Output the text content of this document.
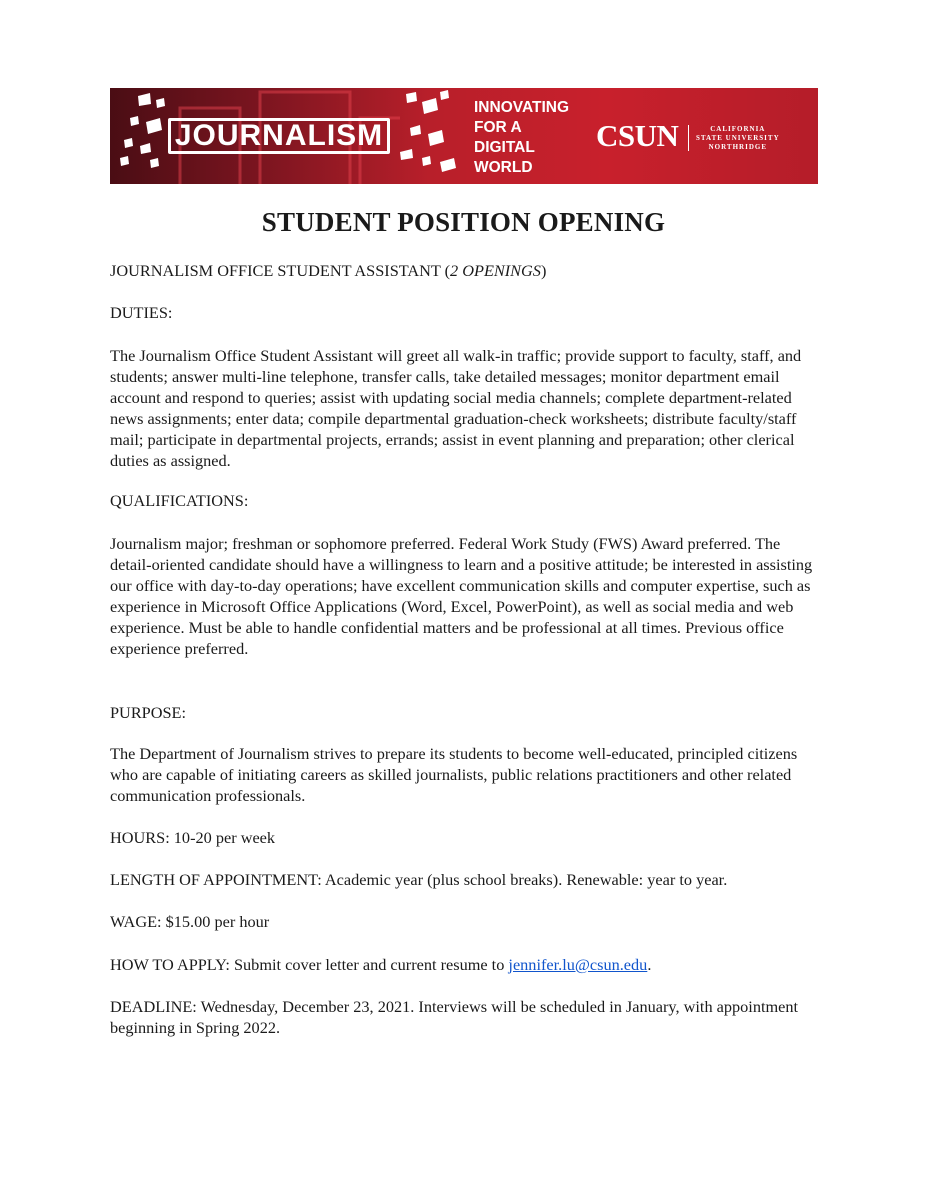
JOURNALISM
INNOVATING
FOR A
DIGITAL
WORLD
CSUN	CALIFORNIA
STATE UNIVERSITY
NORTHRIDGE
STUDENT POSITION OPENING

JOURNALISM OFFICE STUDENT ASSISTANT (2 OPENINGS)

DUTIES:

The Journalism Office Student Assistant will greet all walk-in traffic; provide support to faculty, staff, and students; answer multi-line telephone, transfer calls, take detailed messages; monitor department email account and respond to queries; assist with updating social media channels; complete department-related news assignments; enter data; compile departmental graduation-check worksheets; distribute faculty/staff mail; participate in departmental projects, errands; assist in event planning and preparation; other clerical duties as assigned.

QUALIFICATIONS:

Journalism major; freshman or sophomore preferred. Federal Work Study (FWS) Award preferred. The detail-oriented candidate should have a willingness to learn and a positive attitude; be interested in assisting our office with day-to-day operations; have excellent communication skills and computer expertise, such as experience in Microsoft Office Applications (Word, Excel, PowerPoint), as well as social media and web experience. Must be able to handle confidential matters and be professional at all times. Previous office experience preferred.

PURPOSE:

The Department of Journalism strives to prepare its students to become well-educated, principled citizens who are capable of initiating careers as skilled journalists, public relations practitioners and other related communication professionals.

HOURS: 10-20 per week

LENGTH OF APPOINTMENT: Academic year (plus school breaks). Renewable: year to year.

WAGE: $15.00 per hour

HOW TO APPLY: Submit cover letter and current resume to jennifer.lu@csun.edu.

DEADLINE: Wednesday, December 23, 2021. Interviews will be scheduled in January, with appointment beginning in Spring 2022.
